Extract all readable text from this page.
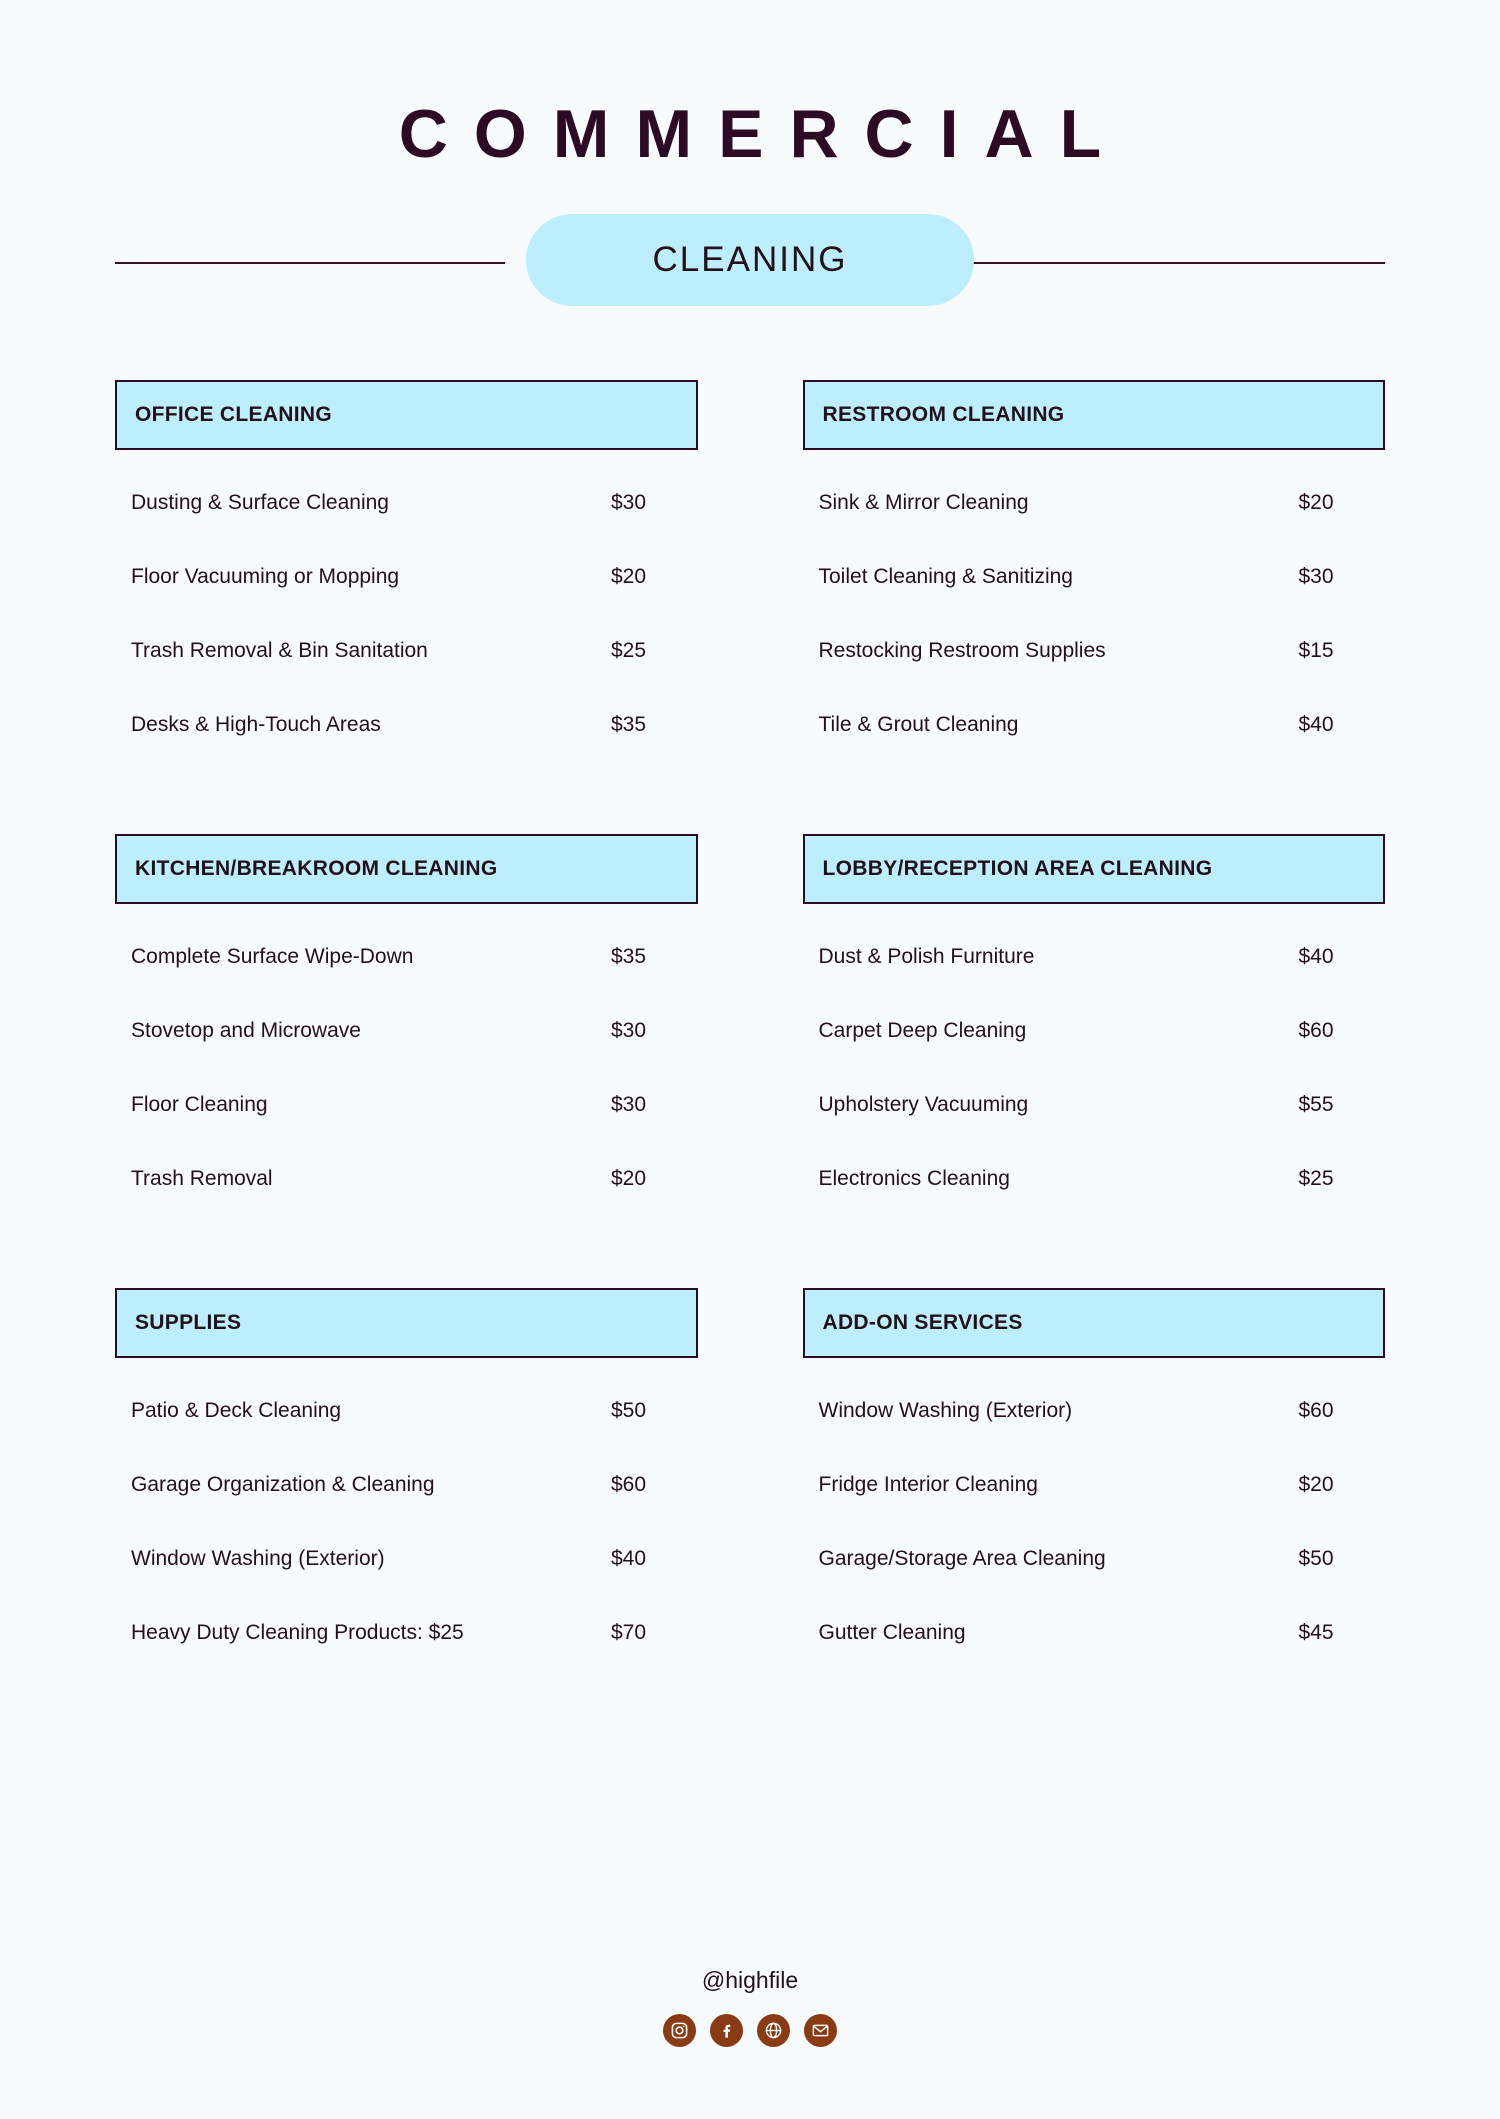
COMMERCIAL
CLEANING
OFFICE CLEANING
Dusting & Surface Cleaning	$30
Floor Vacuuming or Mopping	$20
Trash Removal & Bin Sanitation	$25
Desks & High-Touch Areas	$35
RESTROOM CLEANING
Sink & Mirror Cleaning	$20
Toilet Cleaning & Sanitizing	$30
Restocking Restroom Supplies	$15
Tile & Grout Cleaning	$40
KITCHEN/BREAKROOM CLEANING
Complete Surface Wipe-Down	$35
Stovetop and Microwave	$30
Floor Cleaning	$30
Trash Removal	$20
LOBBY/RECEPTION AREA CLEANING
Dust & Polish Furniture	$40
Carpet Deep Cleaning	$60
Upholstery Vacuuming	$55
Electronics Cleaning	$25
SUPPLIES
Patio & Deck Cleaning	$50
Garage Organization & Cleaning	$60
Window Washing (Exterior)	$40
Heavy Duty Cleaning Products: $25	$70
ADD-ON SERVICES
Window Washing (Exterior)	$60
Fridge Interior Cleaning	$20
Garage/Storage Area Cleaning	$50
Gutter Cleaning	$45
@highfile
